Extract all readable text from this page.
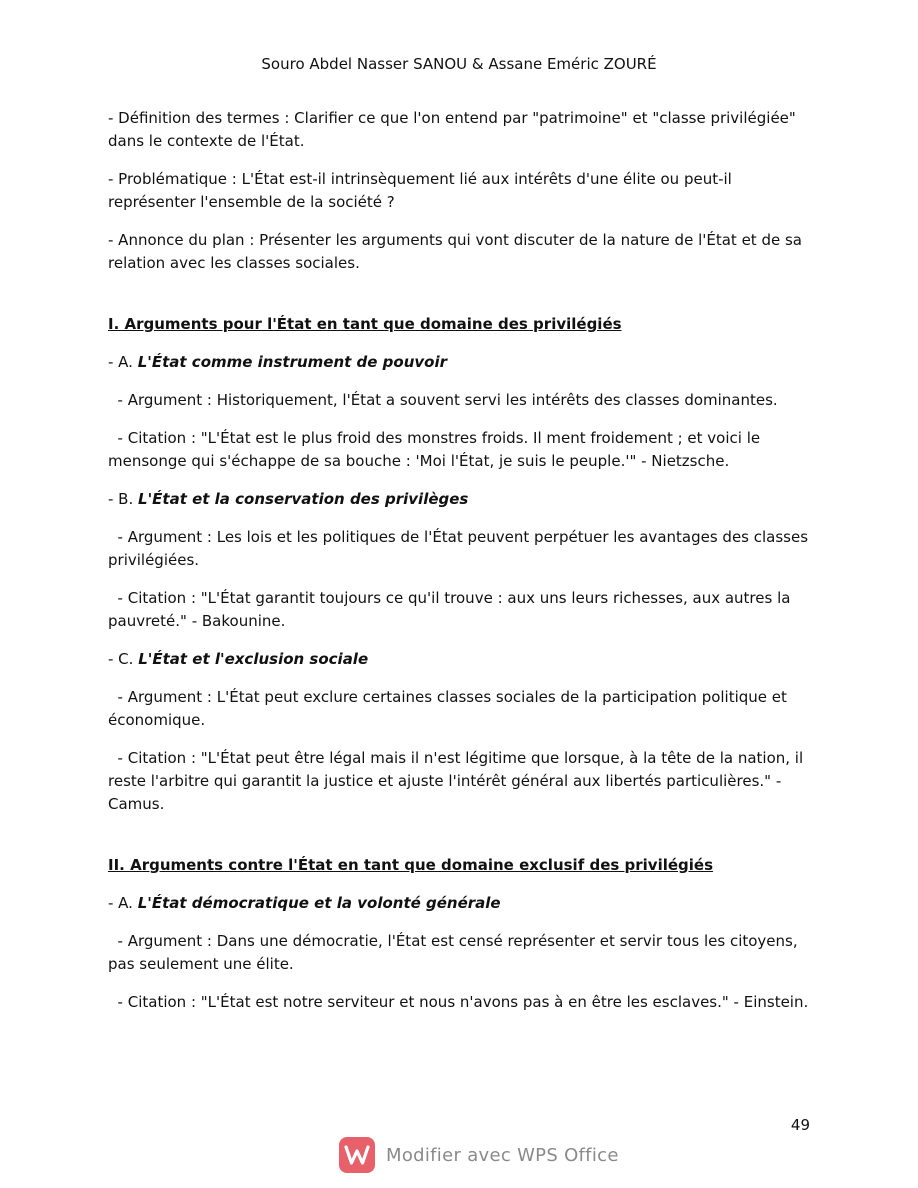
Souro Abdel Nasser SANOU & Assane Eméric ZOURÉ

- Définition des termes : Clarifier ce que l'on entend par "patrimoine" et "classe privilégiée" dans le contexte de l'État.

- Problématique : L'État est-il intrinsèquement lié aux intérêts d'une élite ou peut-il représenter l'ensemble de la société ?

- Annonce du plan : Présenter les arguments qui vont discuter de la nature de l'État et de sa relation avec les classes sociales.

I. Arguments pour l'État en tant que domaine des privilégiés

- A. L'État comme instrument de pouvoir

- Argument : Historiquement, l'État a souvent servi les intérêts des classes dominantes.

- Citation : "L'État est le plus froid des monstres froids. Il ment froidement ; et voici le mensonge qui s'échappe de sa bouche : 'Moi l'État, je suis le peuple.'" - Nietzsche.

- B. L'État et la conservation des privilèges

- Argument : Les lois et les politiques de l'État peuvent perpétuer les avantages des classes privilégiées.

- Citation : "L'État garantit toujours ce qu'il trouve : aux uns leurs richesses, aux autres la pauvreté." - Bakounine.

- C. L'État et l'exclusion sociale

- Argument : L'État peut exclure certaines classes sociales de la participation politique et économique.

- Citation : "L'État peut être légal mais il n'est légitime que lorsque, à la tête de la nation, il reste l'arbitre qui garantit la justice et ajuste l'intérêt général aux libertés particulières." - Camus.

II. Arguments contre l'État en tant que domaine exclusif des privilégiés

- A. L'État démocratique et la volonté générale

- Argument : Dans une démocratie, l'État est censé représenter et servir tous les citoyens, pas seulement une élite.

- Citation : "L'État est notre serviteur et nous n'avons pas à en être les esclaves." - Einstein.

49
Modifier avec WPS Office
